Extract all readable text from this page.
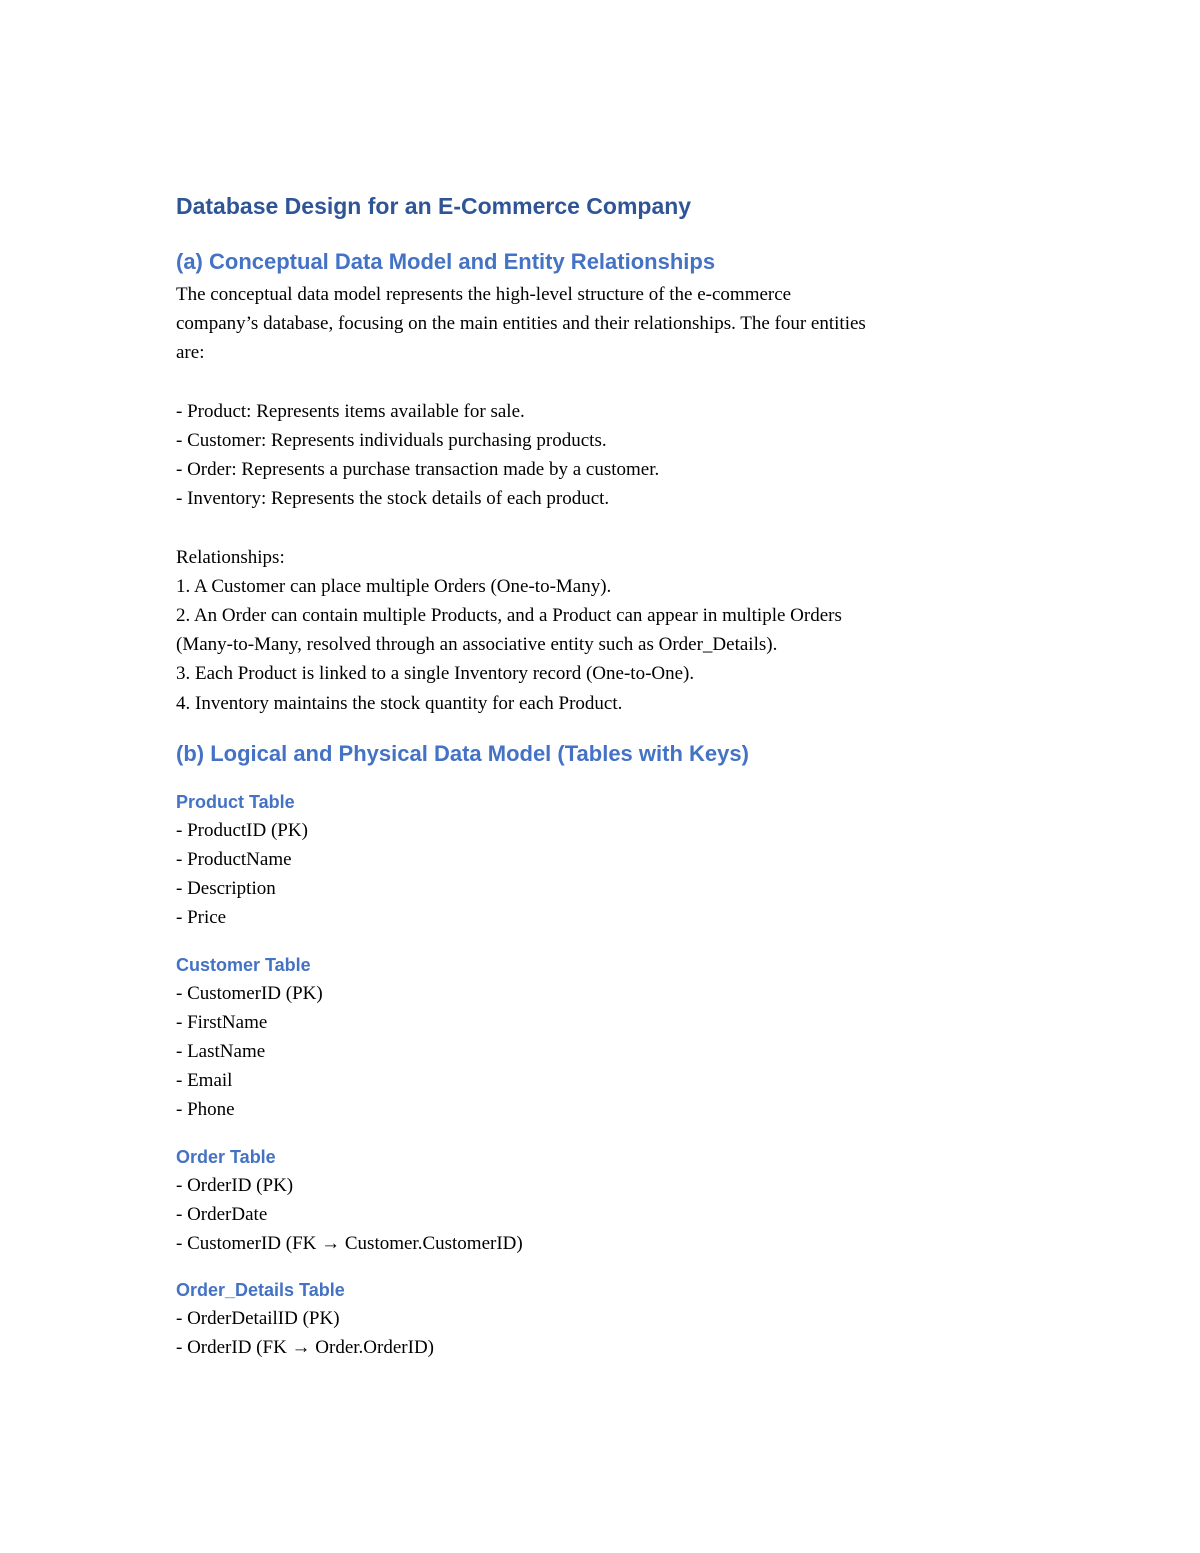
Database Design for an E-Commerce Company
(a) Conceptual Data Model and Entity Relationships
The conceptual data model represents the high-level structure of the e-commerce
company’s database, focusing on the main entities and their relationships. The four entities
are:
- Product: Represents items available for sale.
- Customer: Represents individuals purchasing products.
- Order: Represents a purchase transaction made by a customer.
- Inventory: Represents the stock details of each product.
Relationships:
1. A Customer can place multiple Orders (One-to-Many).
2. An Order can contain multiple Products, and a Product can appear in multiple Orders
(Many-to-Many, resolved through an associative entity such as Order_Details).
3. Each Product is linked to a single Inventory record (One-to-One).
4. Inventory maintains the stock quantity for each Product.
(b) Logical and Physical Data Model (Tables with Keys)
Product Table
- ProductID (PK)
- ProductName
- Description
- Price
Customer Table
- CustomerID (PK)
- FirstName
- LastName
- Email
- Phone
Order Table
- OrderID (PK)
- OrderDate
- CustomerID (FK → Customer.CustomerID)
Order_Details Table
- OrderDetailID (PK)
- OrderID (FK → Order.OrderID)
